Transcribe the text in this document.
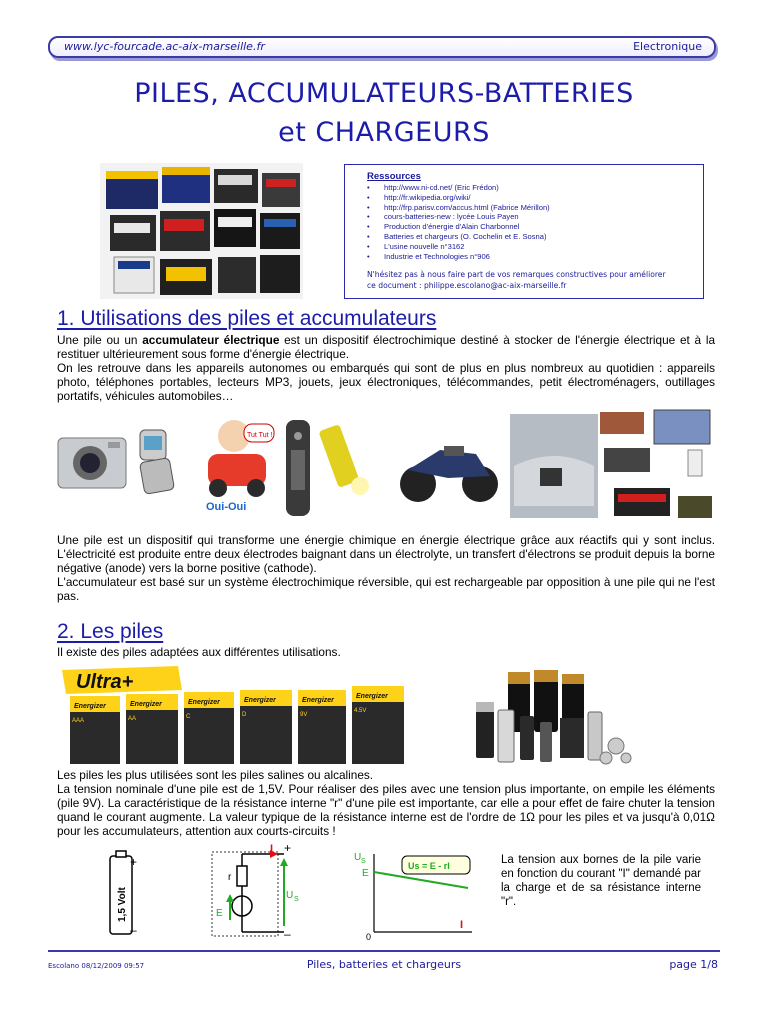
www.lyc-fourcade.ac-aix-marseille.fr	Electronique
PILES, ACCUMULATEURS-BATTERIES
et CHARGEURS
Ressources
• http://www.ni-cd.net/ (Eric Frédon)
• http://fr.wikipedia.org/wiki/
• http://frp.parisv.com/accus.html (Fabrice Mérillon)
• cours-batteries-new : lycée Louis Payen
• Production d'énergie d'Alain Charbonnel
• Batteries et chargeurs (O. Cochelin et E. Sosna)
• L'usine nouvelle n°3162
• Industrie et Technologies n°906
N'hésitez pas à nous faire part de vos remarques constructives pour améliorer
ce document : philippe.escolano@ac-aix-marseille.fr
1. Utilisations des piles et accumulateurs
Une pile ou un accumulateur électrique est un dispositif électrochimique destiné à stocker de l'énergie électrique et à la restituer ultérieurement sous forme d'énergie électrique.
On les retrouve dans les appareils autonomes ou embarqués qui sont de plus en plus nombreux au quotidien : appareils photo, téléphones portables, lecteurs MP3, jouets, jeux électroniques, télécommandes, petit électroménagers, outillages portatifs, véhicules automobiles…
Tut Tut !
Oui-Oui
Une pile est un dispositif qui transforme une énergie chimique en énergie électrique grâce aux réactifs qui y sont inclus. L'électricité est produite entre deux électrodes baignant dans un électrolyte, un transfert d'électrons se produit depuis la borne négative (anode) vers la borne positive (cathode).
L'accumulateur est basé sur un système électrochimique réversible, qui est rechargeable par opposition à une pile qui ne l'est pas.
2. Les piles
Il existe des piles adaptées aux différentes utilisations.
Ultra+
Energizer
AAA
Energizer
AA
Energizer
C
Energizer
D
Energizer
9V
Energizer
4.5V
Les piles les plus utilisées sont les piles salines ou alcalines.
La tension nominale d'une pile est de 1,5V. Pour réaliser des piles avec une tension plus importante, on empile les éléments (pile 9V). La caractéristique de la résistance interne "r" d'une pile est importante, car elle a pour effet de faire chuter la tension quand le courant augmente. La valeur typique de la résistance interne est de l'ordre de 1Ω pour les piles et va jusqu'à 0,01Ω pour les accumulateurs, attention aux courts-circuits !
+
–
1,5 Volt
I +
–
r
E
U S
Us = E - rI
U S
E
I
0
La tension aux bornes de la pile varie en fonction du courant "I" demandé par la charge et de sa résistance interne "r".
Escolano 08/12/2009 09:57	Piles, batteries et chargeurs	page 1/8
